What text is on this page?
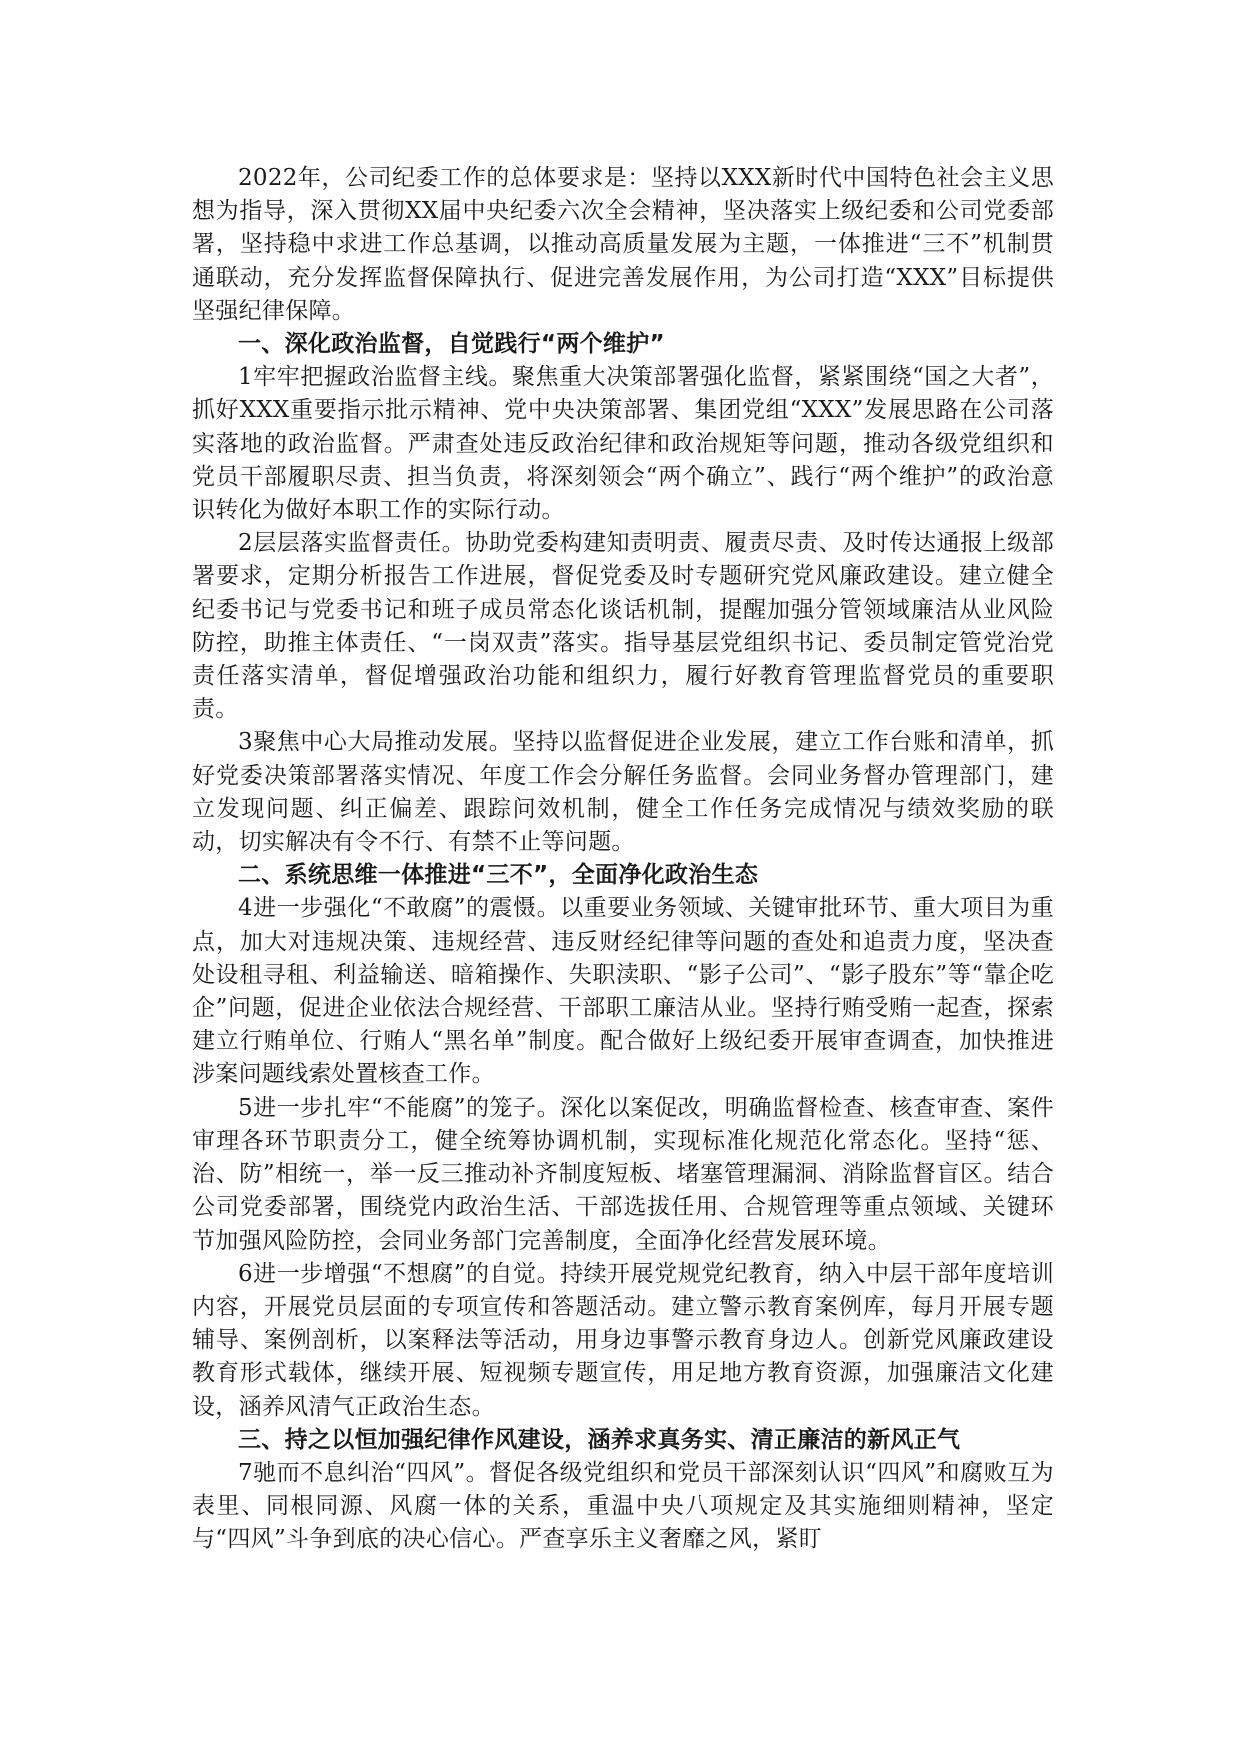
2022年，公司纪委工作的总体要求是：坚持以XXX新时代中国特色社会主义思想为指导，深入贯彻XX届中央纪委六次全会精神，坚决落实上级纪委和公司党委部署，坚持稳中求进工作总基调，以推动高质量发展为主题，一体推进“三不”机制贯通联动，充分发挥监督保障执行、促进完善发展作用，为公司打造“XXX”目标提供坚强纪律保障。

一、深化政治监督，自觉践行“两个维护”

1牢牢把握政治监督主线。聚焦重大决策部署强化监督，紧紧围绕“国之大者”，抓好XXX重要指示批示精神、党中央决策部署、集团党组“XXX”发展思路在公司落实落地的政治监督。严肃查处违反政治纪律和政治规矩等问题，推动各级党组织和党员干部履职尽责、担当负责，将深刻领会“两个确立”、践行“两个维护”的政治意识转化为做好本职工作的实际行动。

2层层落实监督责任。协助党委构建知责明责、履责尽责、及时传达通报上级部署要求，定期分析报告工作进展，督促党委及时专题研究党风廉政建设。建立健全纪委书记与党委书记和班子成员常态化谈话机制，提醒加强分管领域廉洁从业风险防控，助推主体责任、“一岗双责”落实。指导基层党组织书记、委员制定管党治党责任落实清单，督促增强政治功能和组织力，履行好教育管理监督党员的重要职责。

3聚焦中心大局推动发展。坚持以监督促进企业发展，建立工作台账和清单，抓好党委决策部署落实情况、年度工作会分解任务监督。会同业务督办管理部门，建立发现问题、纠正偏差、跟踪问效机制，健全工作任务完成情况与绩效奖励的联动，切实解决有令不行、有禁不止等问题。

二、系统思维一体推进“三不”，全面净化政治生态

4进一步强化“不敢腐”的震慑。以重要业务领域、关键审批环节、重大项目为重点，加大对违规决策、违规经营、违反财经纪律等问题的查处和追责力度，坚决查处设租寻租、利益输送、暗箱操作、失职渎职、“影子公司”、“影子股东”等“靠企吃企”问题，促进企业依法合规经营、干部职工廉洁从业。坚持行贿受贿一起查，探索建立行贿单位、行贿人“黑名单”制度。配合做好上级纪委开展审查调查，加快推进涉案问题线索处置核查工作。

5进一步扎牢“不能腐”的笼子。深化以案促改，明确监督检查、核查审查、案件审理各环节职责分工，健全统筹协调机制，实现标准化规范化常态化。坚持“惩、治、防”相统一，举一反三推动补齐制度短板、堵塞管理漏洞、消除监督盲区。结合公司党委部署，围绕党内政治生活、干部选拔任用、合规管理等重点领域、关键环节加强风险防控，会同业务部门完善制度，全面净化经营发展环境。

6进一步增强“不想腐”的自觉。持续开展党规党纪教育，纳入中层干部年度培训内容，开展党员层面的专项宣传和答题活动。建立警示教育案例库，每月开展专题辅导、案例剖析，以案释法等活动，用身边事警示教育身边人。创新党风廉政建设教育形式载体，继续开展、短视频专题宣传，用足地方教育资源，加强廉洁文化建设，涵养风清气正政治生态。

三、持之以恒加强纪律作风建设，涵养求真务实、清正廉洁的新风正气

7驰而不息纠治“四风”。督促各级党组织和党员干部深刻认识“四风”和腐败互为表里、同根同源、风腐一体的关系，重温中央八项规定及其实施细则精神，坚定与“四风”斗争到底的决心信心。严查享乐主义奢靡之风，紧盯
